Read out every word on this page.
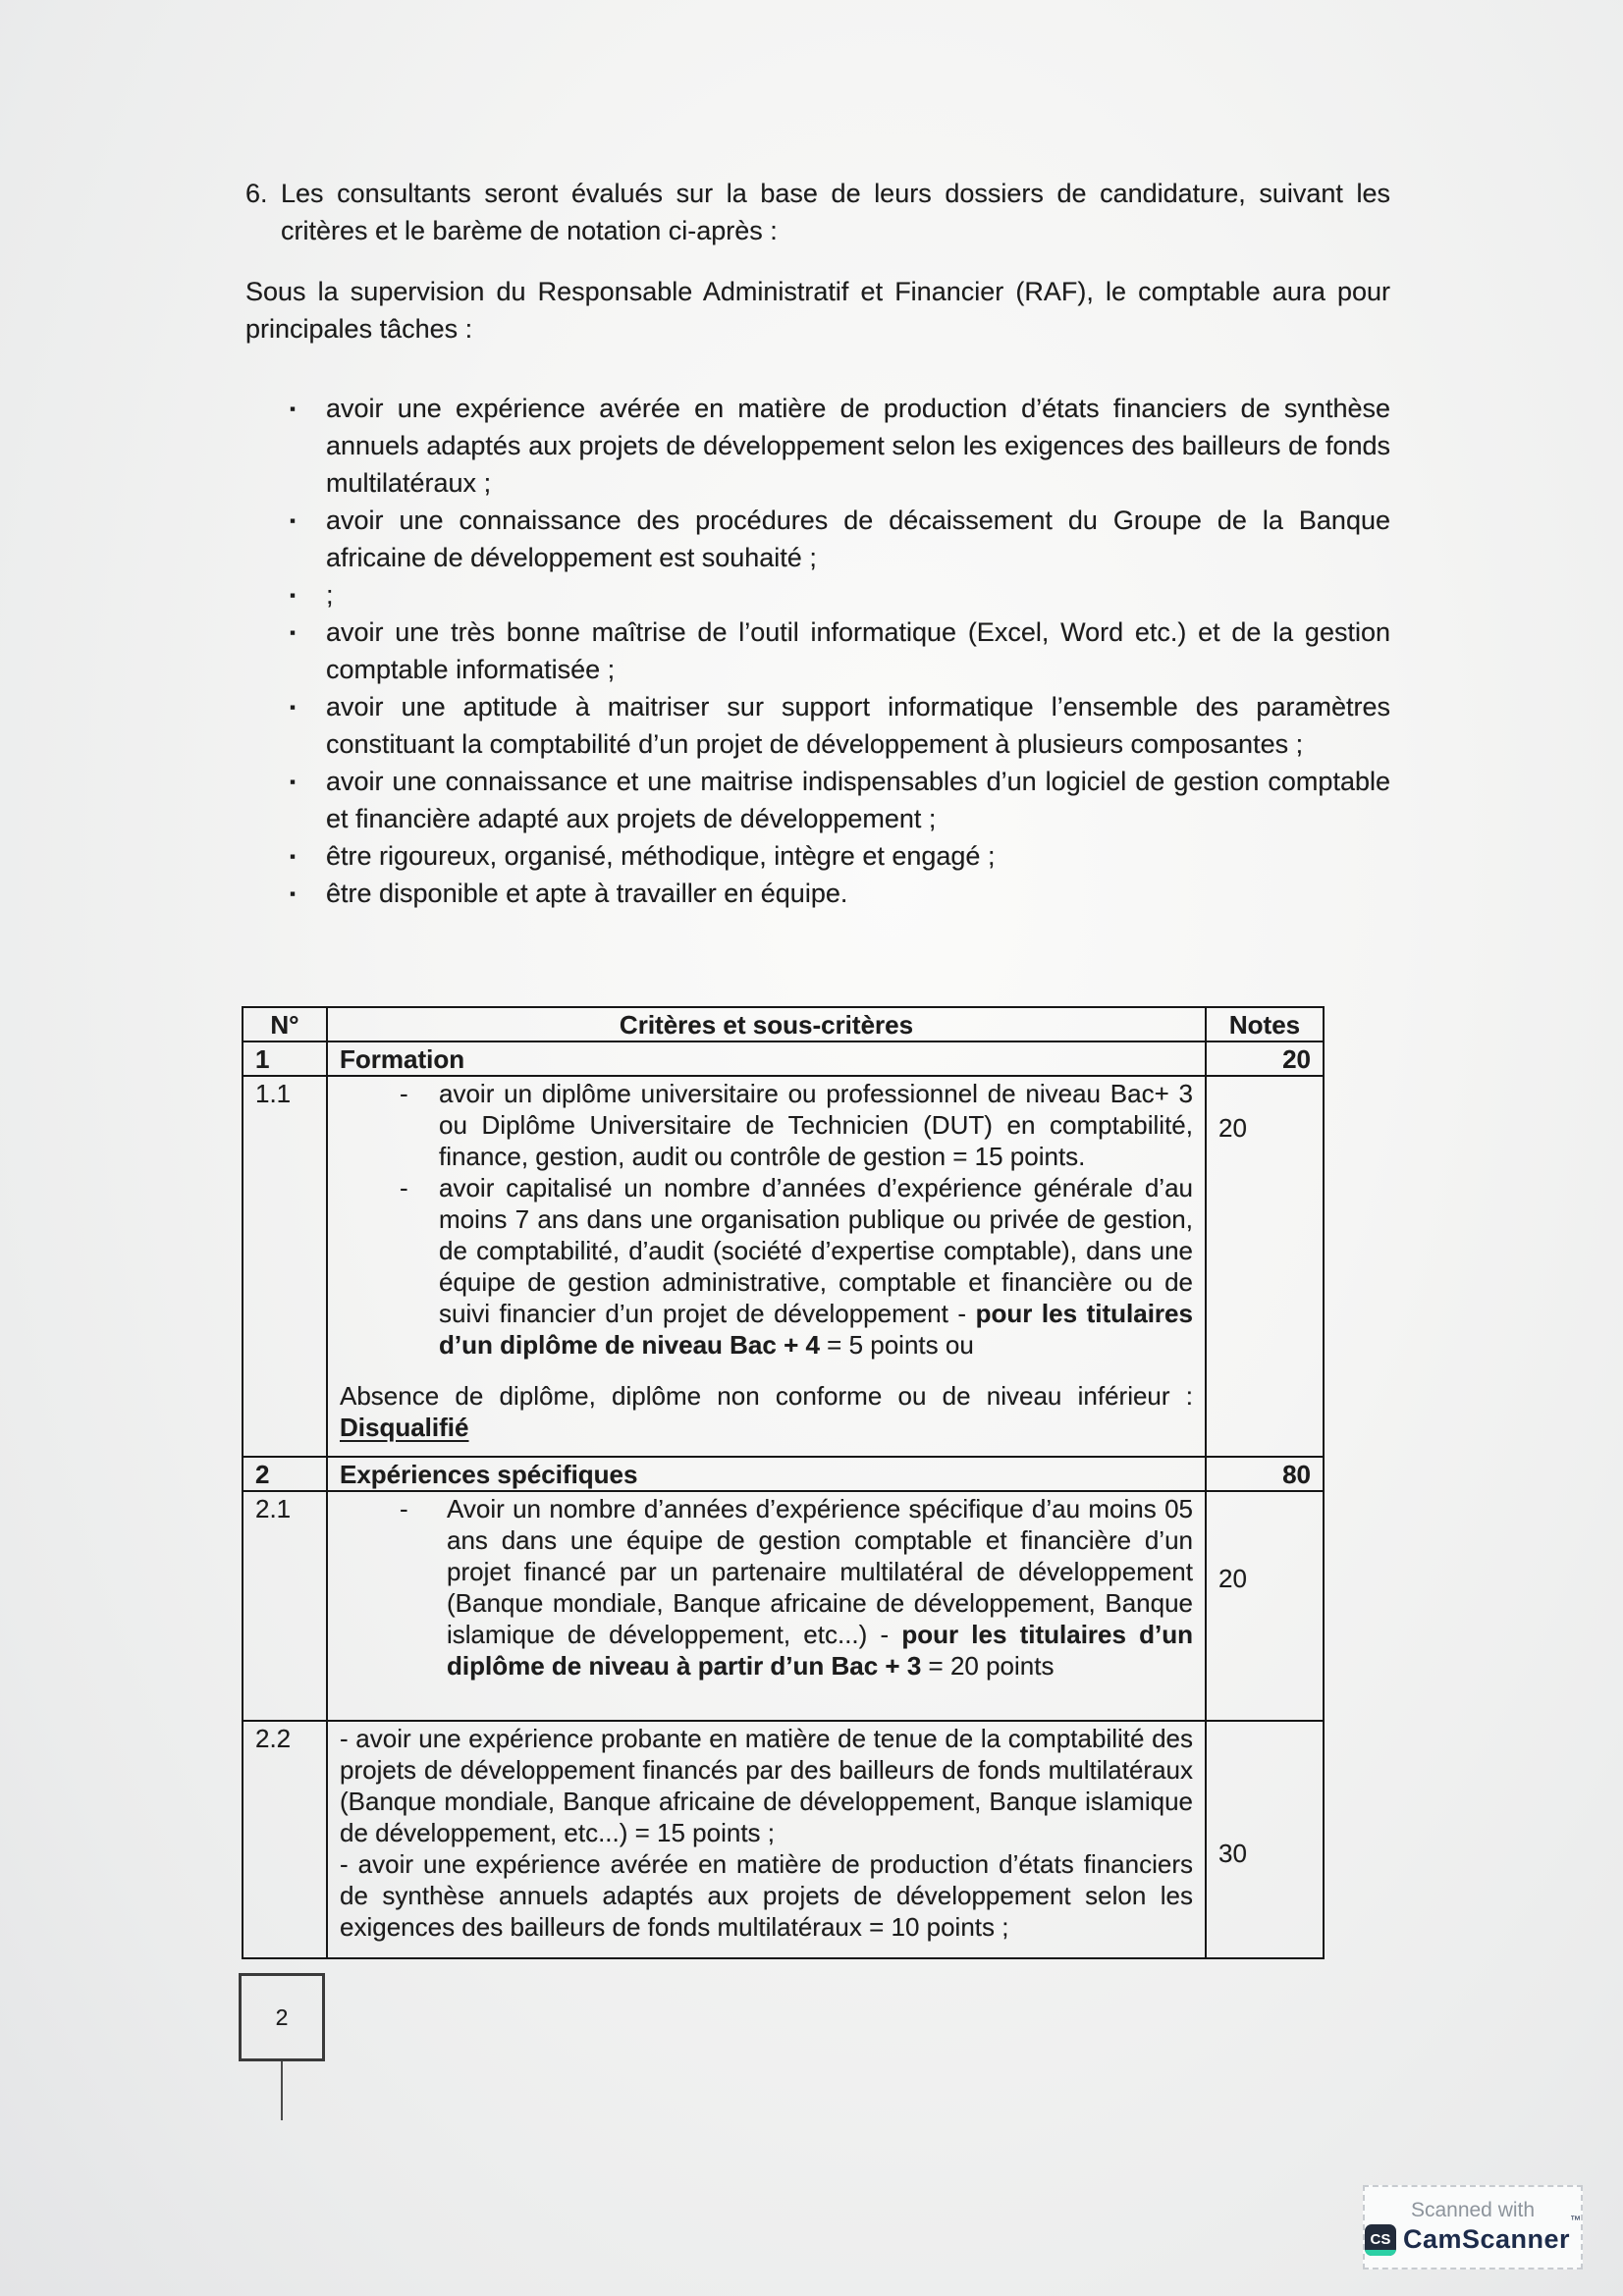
6. Les consultants seront évalués sur la base de leurs dossiers de candidature, suivant les critères et le barème de notation ci-après :
Sous la supervision du Responsable Administratif et Financier (RAF), le comptable aura pour principales tâches :
▪ avoir une expérience avérée en matière de production d’états financiers de synthèse annuels adaptés aux projets de développement selon les exigences des bailleurs de fonds multilatéraux ;
▪ avoir une connaissance des procédures de décaissement du Groupe de la Banque africaine de développement est souhaité ;
▪ ;
▪ avoir une très bonne maîtrise de l’outil informatique (Excel, Word etc.) et de la gestion comptable informatisée ;
▪ avoir une aptitude à maitriser sur support informatique l’ensemble des paramètres constituant la comptabilité d’un projet de développement à plusieurs composantes ;
▪ avoir une connaissance et une maitrise indispensables d’un logiciel de gestion comptable et financière adapté aux projets de développement ;
▪ être rigoureux, organisé, méthodique, intègre et engagé ;
▪ être disponible et apte à travailler en équipe.
N°	Critères et sous-critères	Notes
1	Formation	20
1.1	- avoir un diplôme universitaire ou professionnel de niveau Bac+ 3 ou Diplôme Universitaire de Technicien (DUT) en comptabilité, finance, gestion, audit ou contrôle de gestion = 15 points.
- avoir capitalisé un nombre d’années d’expérience générale d’au moins 7 ans dans une organisation publique ou privée de gestion, de comptabilité, d’audit (société d’expertise comptable), dans une équipe de gestion administrative, comptable et financière ou de suivi financier d’un projet de développement - pour les titulaires d’un diplôme de niveau Bac + 4 = 5 points ou
Absence de diplôme, diplôme non conforme ou de niveau inférieur : Disqualifié	20
2	Expériences spécifiques	80
2.1	- Avoir un nombre d’années d’expérience spécifique d’au moins 05 ans dans une équipe de gestion comptable et financière d’un projet financé par un partenaire multilatéral de développement (Banque mondiale, Banque africaine de développement, Banque islamique de développement, etc...) - pour les titulaires d’un diplôme de niveau à partir d’un Bac + 3 = 20 points	20
2.2	- avoir une expérience probante en matière de tenue de la comptabilité des projets de développement financés par des bailleurs de fonds multilatéraux (Banque mondiale, Banque africaine de développement, Banque islamique de développement, etc...) = 15 points ;

- avoir une expérience avérée en matière de production d’états financiers de synthèse annuels adaptés aux projets de développement selon les exigences des bailleurs de fonds multilatéraux = 10 points ;	30
2
Scanned with
CS CamScanner™
